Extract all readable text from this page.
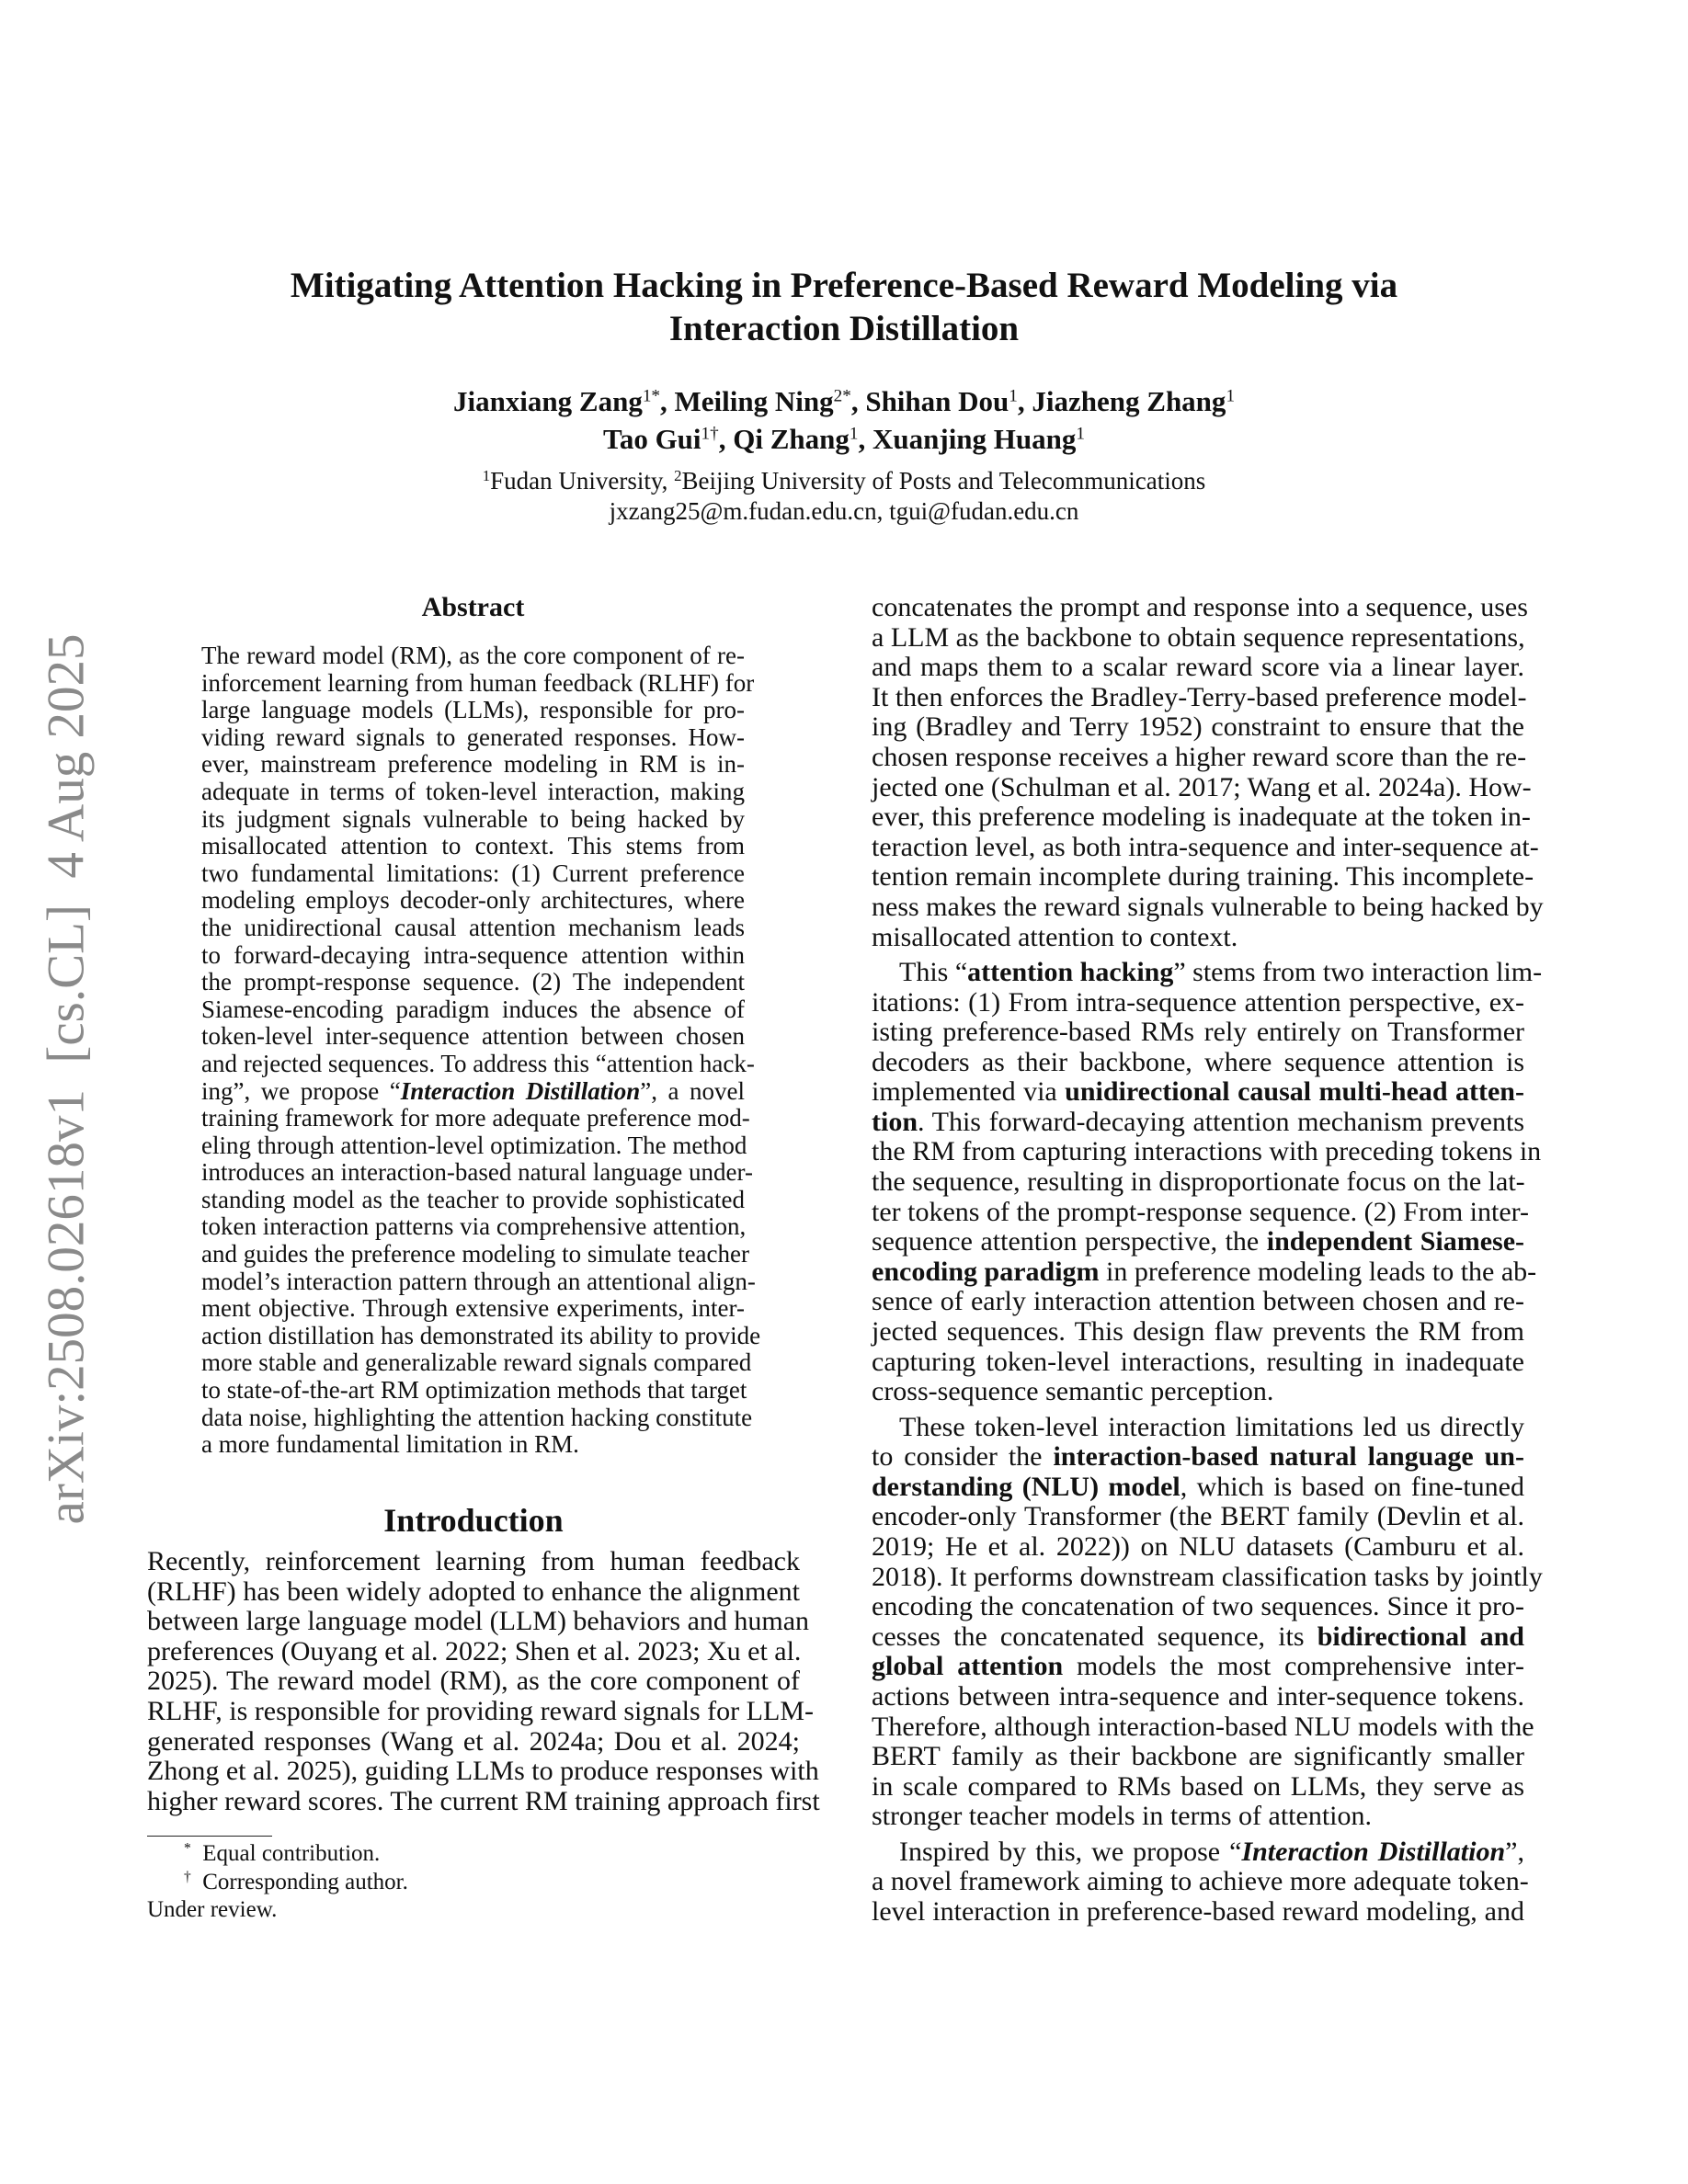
arXiv:2508.02618v1  [cs.CL]  4 Aug 2025
Mitigating Attention Hacking in Preference-Based Reward Modeling via
Interaction Distillation
Jianxiang Zang$^{1*}$, Meiling Ning$^{2*}$, Shihan Dou$^1$, Jiazheng Zhang$^1$
Tao Gui$^{1\dagger}$, Qi Zhang$^1$, Xuanjing Huang$^1$
$^1$Fudan University, $^2$Beijing University of Posts and Telecommunications
jxzang25@m.fudan.edu.cn, tgui@fudan.edu.cn
Abstract
The reward model (RM), as the core component of re-
inforcement learning from human feedback (RLHF) for
large language models (LLMs), responsible for pro-
viding reward signals to generated responses. How-
ever, mainstream preference modeling in RM is in-
adequate in terms of token-level interaction, making
its judgment signals vulnerable to being hacked by
misallocated attention to context. This stems from
two fundamental limitations: (1) Current preference
modeling employs decoder-only architectures, where
the unidirectional causal attention mechanism leads
to forward-decaying intra-sequence attention within
the prompt-response sequence. (2) The independent
Siamese-encoding paradigm induces the absence of
token-level inter-sequence attention between chosen
and rejected sequences. To address this “attention hack-
ing”, we propose “Interaction Distillation”, a novel
training framework for more adequate preference mod-
eling through attention-level optimization. The method
introduces an interaction-based natural language under-
standing model as the teacher to provide sophisticated
token interaction patterns via comprehensive attention,
and guides the preference modeling to simulate teacher
model’s interaction pattern through an attentional align-
ment objective. Through extensive experiments, inter-
action distillation has demonstrated its ability to provide
more stable and generalizable reward signals compared
to state-of-the-art RM optimization methods that target
data noise, highlighting the attention hacking constitute
a more fundamental limitation in RM.
Introduction
Recently, reinforcement learning from human feedback
(RLHF) has been widely adopted to enhance the alignment
between large language model (LLM) behaviors and human
preferences (Ouyang et al. 2022; Shen et al. 2023; Xu et al.
2025). The reward model (RM), as the core component of
RLHF, is responsible for providing reward signals for LLM-
generated responses (Wang et al. 2024a; Dou et al. 2024;
Zhong et al. 2025), guiding LLMs to produce responses with
higher reward scores. The current RM training approach first
concatenates the prompt and response into a sequence, uses
a LLM as the backbone to obtain sequence representations,
and maps them to a scalar reward score via a linear layer.
It then enforces the Bradley-Terry-based preference model-
ing (Bradley and Terry 1952) constraint to ensure that the
chosen response receives a higher reward score than the re-
jected one (Schulman et al. 2017; Wang et al. 2024a). How-
ever, this preference modeling is inadequate at the token in-
teraction level, as both intra-sequence and inter-sequence at-
tention remain incomplete during training. This incomplete-
ness makes the reward signals vulnerable to being hacked by
misallocated attention to context.
This “attention hacking” stems from two interaction lim-
itations: (1) From intra-sequence attention perspective, ex-
isting preference-based RMs rely entirely on Transformer
decoders as their backbone, where sequence attention is
implemented via unidirectional causal multi-head atten-
tion. This forward-decaying attention mechanism prevents
the RM from capturing interactions with preceding tokens in
the sequence, resulting in disproportionate focus on the lat-
ter tokens of the prompt-response sequence. (2) From inter-
sequence attention perspective, the independent Siamese-
encoding paradigm in preference modeling leads to the ab-
sence of early interaction attention between chosen and re-
jected sequences. This design flaw prevents the RM from
capturing token-level interactions, resulting in inadequate
cross-sequence semantic perception.
These token-level interaction limitations led us directly
to consider the interaction-based natural language un-
derstanding (NLU) model, which is based on fine-tuned
encoder-only Transformer (the BERT family (Devlin et al.
2019; He et al. 2022)) on NLU datasets (Camburu et al.
2018). It performs downstream classification tasks by jointly
encoding the concatenation of two sequences. Since it pro-
cesses the concatenated sequence, its bidirectional and
global attention models the most comprehensive inter-
actions between intra-sequence and inter-sequence tokens.
Therefore, although interaction-based NLU models with the
BERT family as their backbone are significantly smaller
in scale compared to RMs based on LLMs, they serve as
stronger teacher models in terms of attention.
Inspired by this, we propose “Interaction Distillation”,
a novel framework aiming to achieve more adequate token-
level interaction in preference-based reward modeling, and
* Equal contribution.
† Corresponding author.
Under review.
